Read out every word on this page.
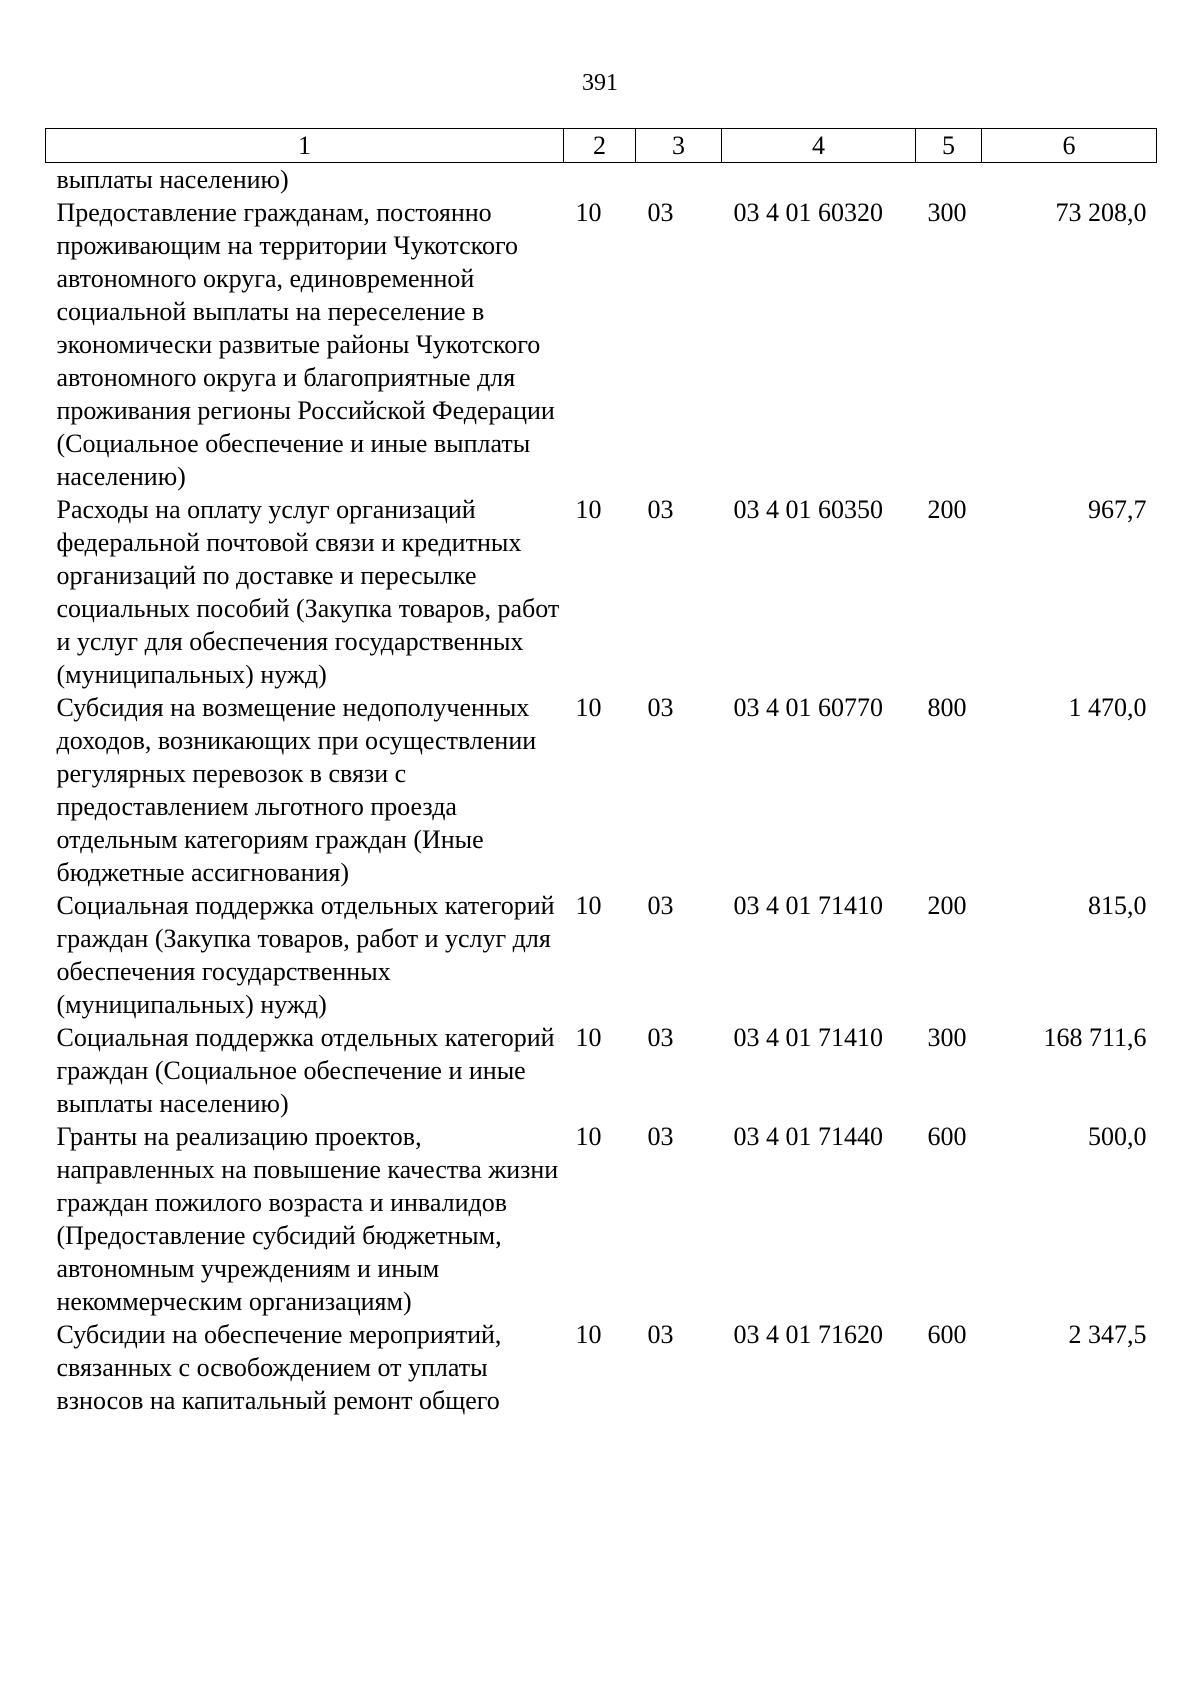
391
1	2	3	4	5	6
выплаты населению)					
Предоставление гражданам, постоянно проживающим на территории Чукотского автономного округа, единовременной социальной выплаты на переселение в экономически развитые районы Чукотского автономного округа и благоприятные для проживания регионы Российской Федерации (Социальное обеспечение и иные выплаты населению)	10	03	03 4 01 60320	300	73 208,0
Расходы на оплату услуг организаций федеральной почтовой связи и кредитных организаций по доставке и пересылке социальных пособий (Закупка товаров, работ и услуг для обеспечения государственных (муниципальных) нужд)	10	03	03 4 01 60350	200	967,7
Субсидия на возмещение недополученных доходов, возникающих при осуществлении регулярных перевозок в связи с предоставлением льготного проезда отдельным категориям граждан (Иные бюджетные ассигнования)	10	03	03 4 01 60770	800	1 470,0
Социальная поддержка отдельных категорий граждан (Закупка товаров, работ и услуг для обеспечения государственных (муниципальных) нужд)	10	03	03 4 01 71410	200	815,0
Социальная поддержка отдельных категорий граждан (Социальное обеспечение и иные выплаты населению)	10	03	03 4 01 71410	300	168 711,6
Гранты на реализацию проектов, направленных на повышение качества жизни граждан пожилого возраста и инвалидов (Предоставление субсидий бюджетным, автономным учреждениям и иным некоммерческим организациям)	10	03	03 4 01 71440	600	500,0
Субсидии на обеспечение мероприятий, связанных с освобождением от уплаты взносов на капитальный ремонт общего	10	03	03 4 01 71620	600	2 347,5
